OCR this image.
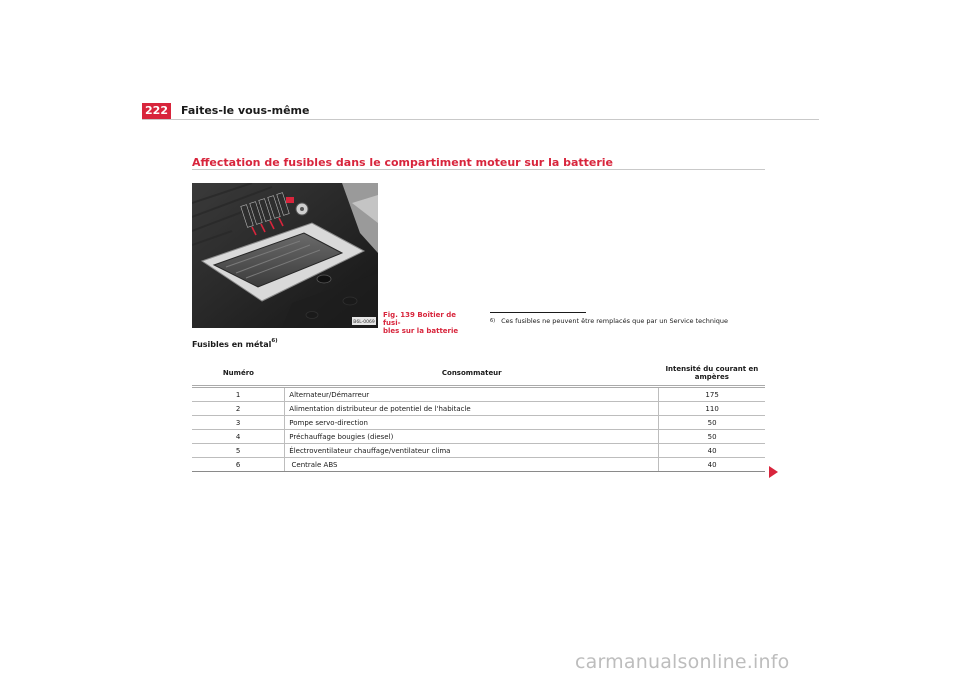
222 Faites-le vous-même
Affectation de fusibles dans le compartiment moteur sur la batterie
B6L-0069
Fig. 139 Boîtier de fusi-
bles sur la batterie
$^{6)}$ Ces fusibles ne peuvent être remplacés que par un Service technique
Fusibles en métal$^{6)}$
Numéro	Consommateur	Intensité du courant en ampères
1	Alternateur/Démarreur	175
2	Alimentation distributeur de potentiel de l'habitacle	110
3	Pompe servo-direction	50
4	Préchauffage bougies (diesel)	50
5	Électroventilateur chauffage/ventilateur clima	40
6	Centrale ABS	40
carmanualsonline.info
